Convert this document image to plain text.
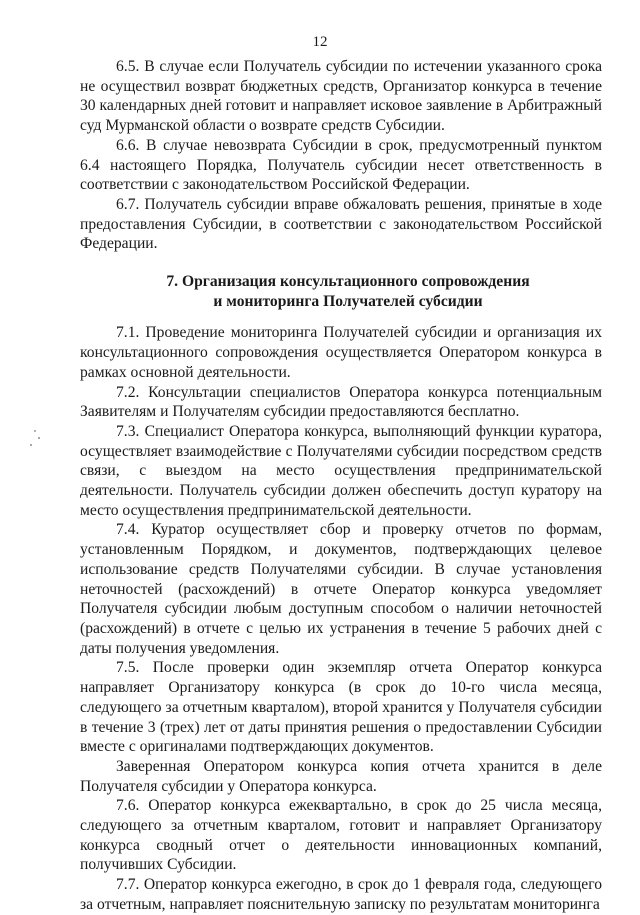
12

6.5. В случае если Получатель субсидии по истечении указанного срока не осуществил возврат бюджетных средств, Организатор конкурса в течение 30 календарных дней готовит и направляет исковое заявление в Арбитражный суд Мурманской области о возврате средств Субсидии.

6.6. В случае невозврата Субсидии в срок, предусмотренный пунктом 6.4 настоящего Порядка, Получатель субсидии несет ответственность в соответствии с законодательством Российской Федерации.

6.7. Получатель субсидии вправе обжаловать решения, принятые в ходе предоставления Субсидии, в соответствии с законодательством Российской Федерации.

7. Организация консультационного сопровождения
и мониторинга Получателей субсидии

7.1. Проведение мониторинга Получателей субсидии и организация их консультационного сопровождения осуществляется Оператором конкурса в рамках основной деятельности.

7.2. Консультации специалистов Оператора конкурса потенциальным Заявителям и Получателям субсидии предоставляются бесплатно.

7.3. Специалист Оператора конкурса, выполняющий функции куратора, осуществляет взаимодействие с Получателями субсидии посредством средств связи, с выездом на место осуществления предпринимательской деятельности. Получатель субсидии должен обеспечить доступ куратору на место осуществления предпринимательской деятельности.

7.4. Куратор осуществляет сбор и проверку отчетов по формам, установленным Порядком, и документов, подтверждающих целевое использование средств Получателями субсидии. В случае установления неточностей (расхождений) в отчете Оператор конкурса уведомляет Получателя субсидии любым доступным способом о наличии неточностей (расхождений) в отчете с целью их устранения в течение 5 рабочих дней с даты получения уведомления.

7.5. После проверки один экземпляр отчета Оператор конкурса направляет Организатору конкурса (в срок до 10-го числа месяца, следующего за отчетным кварталом), второй хранится у Получателя субсидии в течение 3 (трех) лет от даты принятия решения о предоставлении Субсидии вместе с оригиналами подтверждающих документов.

Заверенная Оператором конкурса копия отчета хранится в деле Получателя субсидии у Оператора конкурса.

7.6. Оператор конкурса ежеквартально, в срок до 25 числа месяца, следующего за отчетным кварталом, готовит и направляет Организатору конкурса сводный отчет о деятельности инновационных компаний, получивших Субсидии.

7.7. Оператор конкурса ежегодно, в срок до 1 февраля года, следующего за отчетным, направляет пояснительную записку по результатам мониторинга
